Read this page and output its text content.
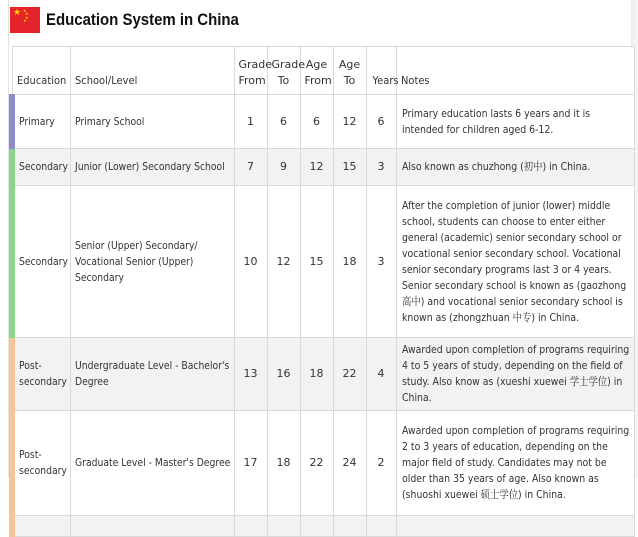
★ ★
★
★
★ Education System in China
Education	School/Level	Grade From	Grade To	Age From	Age To	Years	Notes

Primary	Primary School	1	6	6	12	6	Primary education lasts 6 years and it is intended for children aged 6-12.

Secondary	Junior (Lower) Secondary School	7	9	12	15	3	Also known as chuzhong (初中) in China.

Secondary	Senior (Upper) Secondary/ Vocational Senior (Upper) Secondary	10	12	15	18	3	After the completion of junior (lower) middle school, students can choose to enter either general (academic) senior secondary school or vocational senior secondary school. Vocational senior secondary programs last 3 or 4 years. Senior secondary school is known as (gaozhong 高中) and vocational senior secondary school is known as (zhongzhuan 中专) in China.

Post-secondary	Undergraduate Level - Bachelor's Degree	13	16	18	22	4	Awarded upon completion of programs requiring 4 to 5 years of study, depending on the field of study. Also know as (xueshi xuewei 学士学位) in China.

Post-secondary	Graduate Level - Master's Degree	17	18	22	24	2	Awarded upon completion of programs requiring 2 to 3 years of education, depending on the major field of study. Candidates may not be older than 35 years of age. Also known as (shuoshi xuewei 硕士学位) in China.
